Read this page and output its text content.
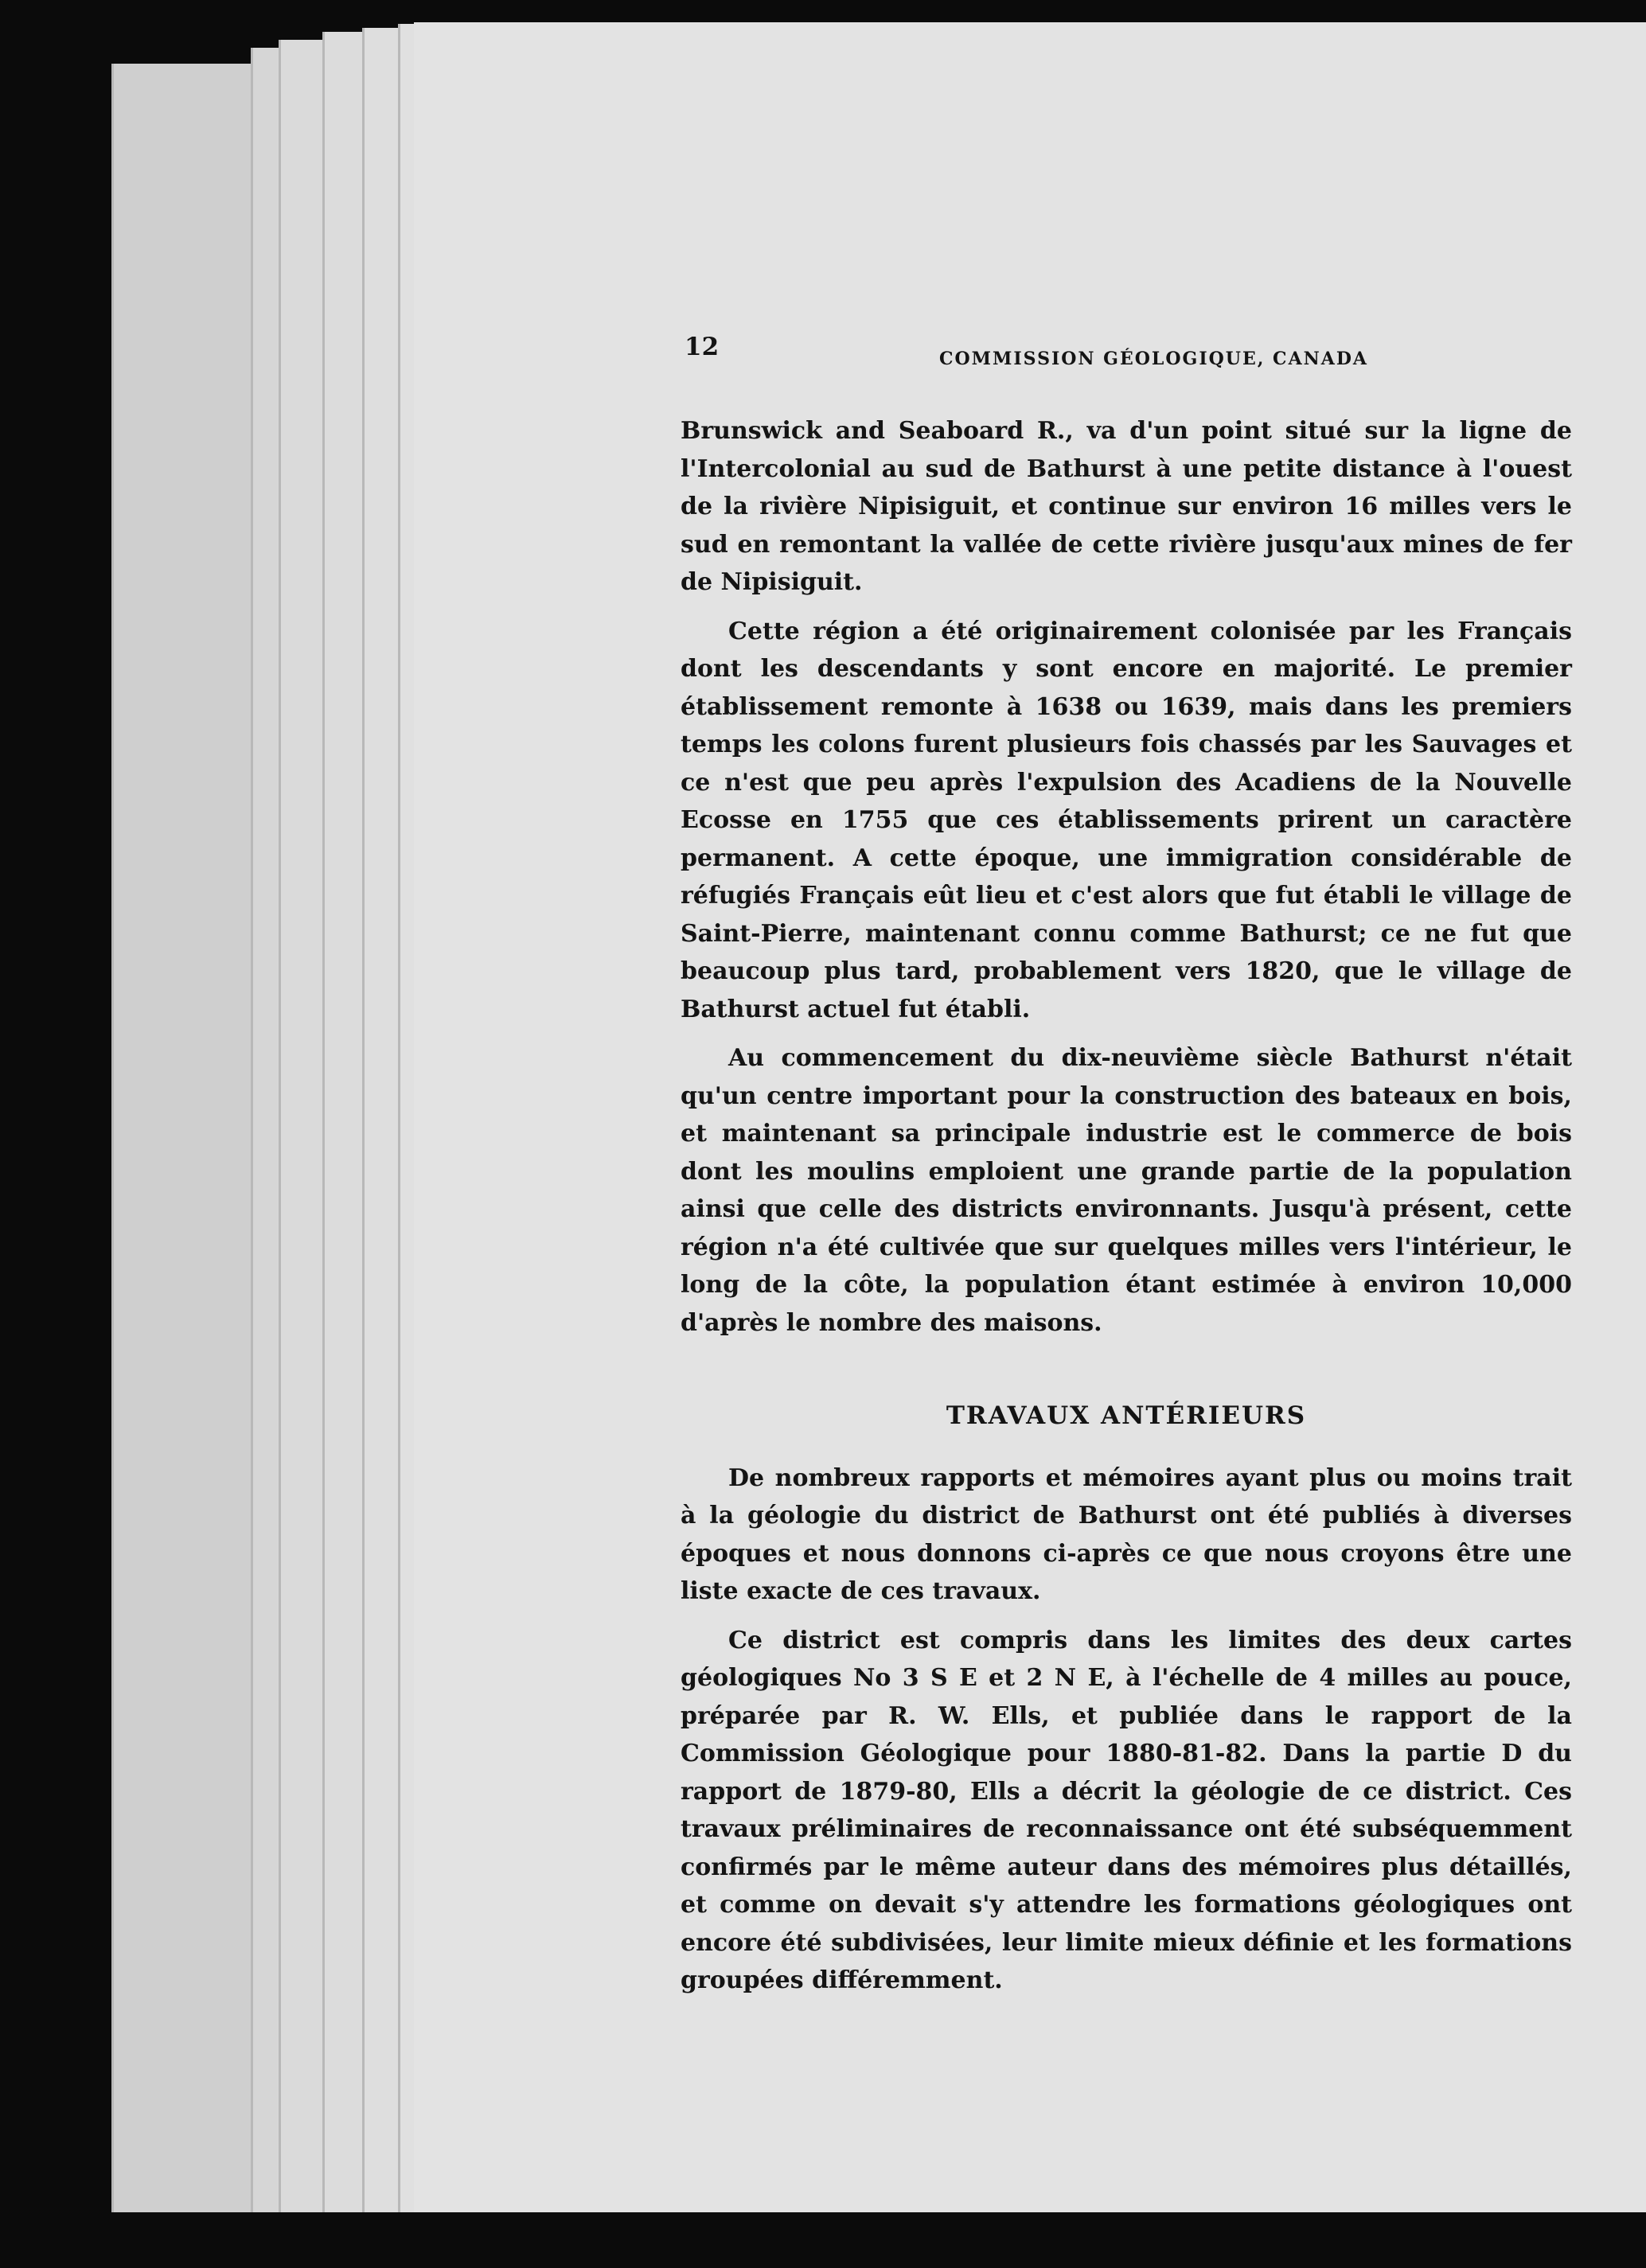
12	COMMISSION GÉOLOGIQUE, CANADA

Brunswick and Seaboard R., va d'un point situé sur la ligne de l'Intercolonial au sud de Bathurst à une petite distance à l'ouest de la rivière Nipisiguit, et continue sur environ 16 milles vers le sud en remontant la vallée de cette rivière jusqu'aux mines de fer de Nipisiguit.

Cette région a été originairement colonisée par les Français dont les descendants y sont encore en majorité. Le premier établissement remonte à 1638 ou 1639, mais dans les premiers temps les colons furent plusieurs fois chassés par les Sauvages et ce n'est que peu après l'expulsion des Acadiens de la Nouvelle Ecosse en 1755 que ces établissements prirent un caractère permanent. A cette époque, une immigration considérable de réfugiés Français eût lieu et c'est alors que fut établi le village de Saint-Pierre, maintenant connu comme Bathurst; ce ne fut que beaucoup plus tard, probablement vers 1820, que le village de Bathurst actuel fut établi.

Au commencement du dix-neuvième siècle Bathurst n'était qu'un centre important pour la construction des bateaux en bois, et maintenant sa principale industrie est le commerce de bois dont les moulins emploient une grande partie de la population ainsi que celle des districts environnants. Jusqu'à présent, cette région n'a été cultivée que sur quelques milles vers l'intérieur, le long de la côte, la population étant estimée à environ 10,000 d'après le nombre des maisons.

TRAVAUX ANTÉRIEURS

De nombreux rapports et mémoires ayant plus ou moins trait à la géologie du district de Bathurst ont été publiés à diverses époques et nous donnons ci-après ce que nous croyons être une liste exacte de ces travaux.

Ce district est compris dans les limites des deux cartes géologiques No 3 S E et 2 N E, à l'échelle de 4 milles au pouce, préparée par R. W. Ells, et publiée dans le rapport de la Commission Géologique pour 1880-81-82. Dans la partie D du rapport de 1879-80, Ells a décrit la géologie de ce district. Ces travaux préliminaires de reconnaissance ont été subséquemment confirmés par le même auteur dans des mémoires plus détaillés, et comme on devait s'y attendre les formations géologiques ont encore été subdivisées, leur limite mieux définie et les formations groupées différemment.
